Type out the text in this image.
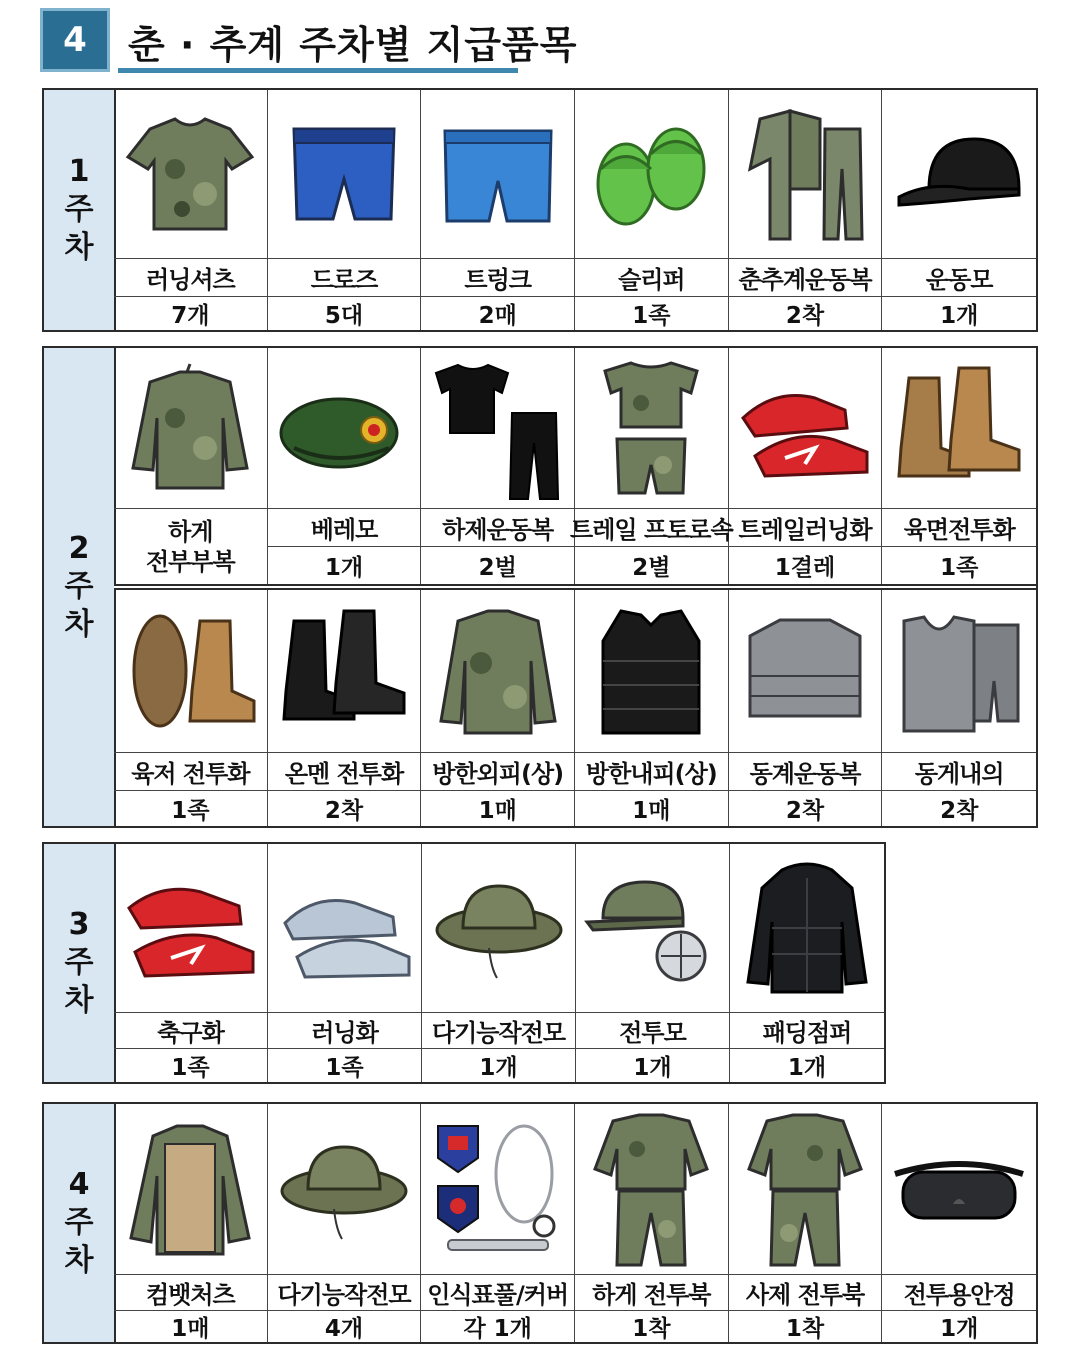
4	춘 · 추계 주차별 지급품목
1
주
차
러닝셔츠
7개
드로즈
5대
트렁크
2매
슬리퍼
1족
춘추계운동복
2착
운동모
1개
2
주
차
하게
전부부복
베레모
1개
하제운동복
2벌
트레일 프토로속
2별
트레일러닝화
1결레
육면전투화
1족
육저 전투화
1족
온멘 전투화
2착
방한외피(상)
1매
방한내피(상)
1매
동계운동복
2착
동게내의
2착
3
주
차
축구화
1족
러닝화
1족
다기능작전모
1개
전투모
1개
패딩점퍼
1개
4
주
차
컴뱃처츠
1매
다기능작전모
4개
인식표풀/커버
각 1개
하게 전투북
1착
사제 전투북
1착
전투용안정
1개
